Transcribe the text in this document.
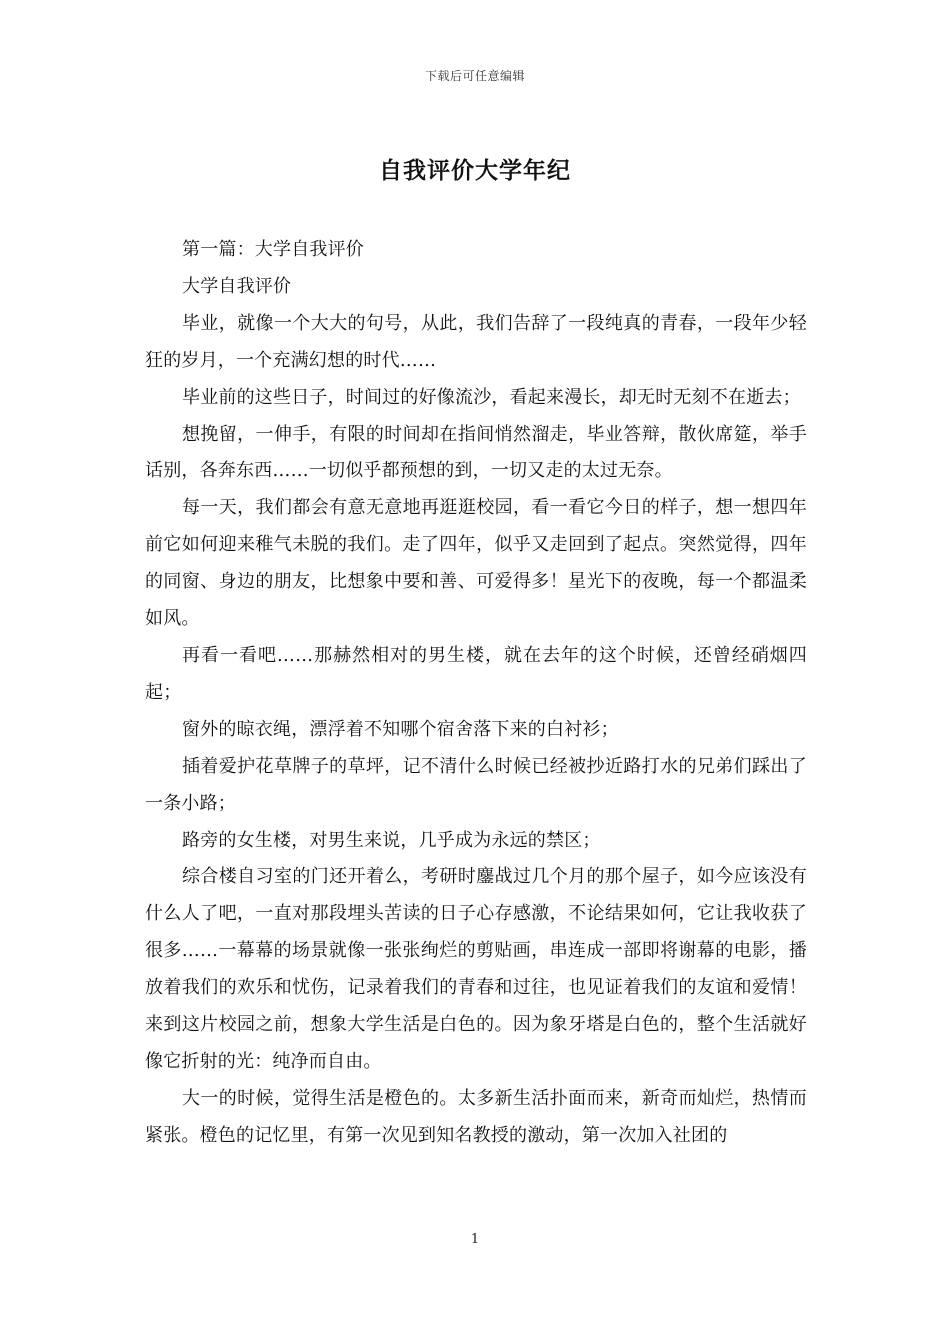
下载后可任意编辑
自我评价大学年纪

第一篇：大学自我评价

大学自我评价

毕业，就像一个大大的句号，从此，我们告辞了一段纯真的青春，一段年少轻狂的岁月，一个充满幻想的时代……

毕业前的这些日子，时间过的好像流沙，看起来漫长，却无时无刻不在逝去；

想挽留，一伸手，有限的时间却在指间悄然溜走，毕业答辩，散伙席筵，举手话别，各奔东西……一切似乎都预想的到，一切又走的太过无奈。

每一天，我们都会有意无意地再逛逛校园，看一看它今日的样子，想一想四年前它如何迎来稚气未脱的我们。走了四年，似乎又走回到了起点。突然觉得，四年的同窗、身边的朋友，比想象中要和善、可爱得多！星光下的夜晚，每一个都温柔如风。

再看一看吧……那赫然相对的男生楼，就在去年的这个时候，还曾经硝烟四起；

窗外的晾衣绳，漂浮着不知哪个宿舍落下来的白衬衫；

插着爱护花草牌子的草坪，记不清什么时候已经被抄近路打水的兄弟们踩出了一条小路；

路旁的女生楼，对男生来说，几乎成为永远的禁区；

综合楼自习室的门还开着么，考研时鏖战过几个月的那个屋子，如今应该没有什么人了吧，一直对那段埋头苦读的日子心存感激，不论结果如何，它让我收获了很多……一幕幕的场景就像一张张绚烂的剪贴画，串连成一部即将谢幕的电影，播放着我们的欢乐和忧伤，记录着我们的青春和过往，也见证着我们的友谊和爱情！来到这片校园之前，想象大学生活是白色的。因为象牙塔是白色的，整个生活就好像它折射的光：纯净而自由。

大一的时候，觉得生活是橙色的。太多新生活扑面而来，新奇而灿烂，热情而紧张。橙色的记忆里，有第一次见到知名教授的激动，第一次加入社团的

1
